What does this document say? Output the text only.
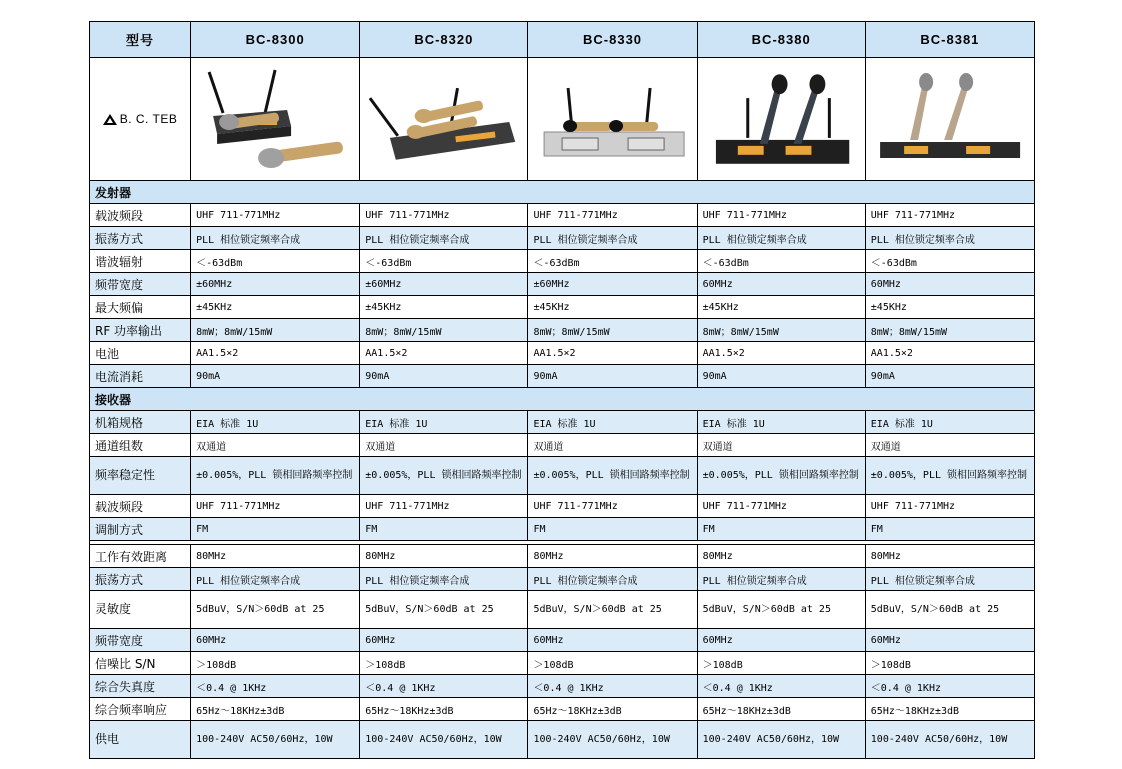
型号	BC-8300	BC-8320	BC-8330	BC-8380	BC-8381

B. C. TEB

发射器					
载波频段	UHF 711-771MHz	UHF 711-771MHz	UHF 711-771MHz	UHF 711-771MHz	UHF 711-771MHz
振荡方式	PLL 相位锁定频率合成	PLL 相位锁定频率合成	PLL 相位锁定频率合成	PLL 相位锁定频率合成	PLL 相位锁定频率合成
谐波辐射	＜-63dBm	＜-63dBm	＜-63dBm	＜-63dBm	＜-63dBm
频带宽度	±60MHz	±60MHz	±60MHz	60MHz	60MHz
最大频偏	±45KHz	±45KHz	±45KHz	±45KHz	±45KHz
RF 功率输出	8mW；8mW/15mW	8mW；8mW/15mW	8mW；8mW/15mW	8mW；8mW/15mW	8mW；8mW/15mW
电池	AA1.5×2	AA1.5×2	AA1.5×2	AA1.5×2	AA1.5×2
电流消耗	90mA	90mA	90mA	90mA	90mA
接收器					
机箱规格	EIA 标准 1U	EIA 标准 1U	EIA 标准 1U	EIA 标准 1U	EIA 标准 1U
通道组数	双通道	双通道	双通道	双通道	双通道
频率稳定性	±0.005%，PLL 锁相回路频率控制	±0.005%，PLL 锁相回路频率控制	±0.005%，PLL 锁相回路频率控制	±0.005%，PLL 锁相回路频率控制	±0.005%，PLL 锁相回路频率控制
载波频段	UHF 711-771MHz	UHF 711-771MHz	UHF 711-771MHz	UHF 711-771MHz	UHF 711-771MHz
调制方式	FM	FM	FM	FM	FM

工作有效距离	80MHz	80MHz	80MHz	80MHz	80MHz
振荡方式	PLL 相位锁定频率合成	PLL 相位锁定频率合成	PLL 相位锁定频率合成	PLL 相位锁定频率合成	PLL 相位锁定频率合成
灵敏度	5dBuV，S/N＞60dB at 25	5dBuV，S/N＞60dB at 25	5dBuV，S/N＞60dB at 25	5dBuV，S/N＞60dB at 25	5dBuV，S/N＞60dB at 25
频带宽度	60MHz	60MHz	60MHz	60MHz	60MHz
信噪比 S/N	＞108dB	＞108dB	＞108dB	＞108dB	＞108dB
综合失真度	＜0.4 @ 1KHz	＜0.4 @ 1KHz	＜0.4 @ 1KHz	＜0.4 @ 1KHz	＜0.4 @ 1KHz
综合频率响应	65Hz～18KHz±3dB	65Hz～18KHz±3dB	65Hz～18KHz±3dB	65Hz～18KHz±3dB	65Hz～18KHz±3dB
供电	100-240V AC50/60Hz，10W	100-240V AC50/60Hz，10W	100-240V AC50/60Hz，10W	100-240V AC50/60Hz，10W	100-240V AC50/60Hz，10W
